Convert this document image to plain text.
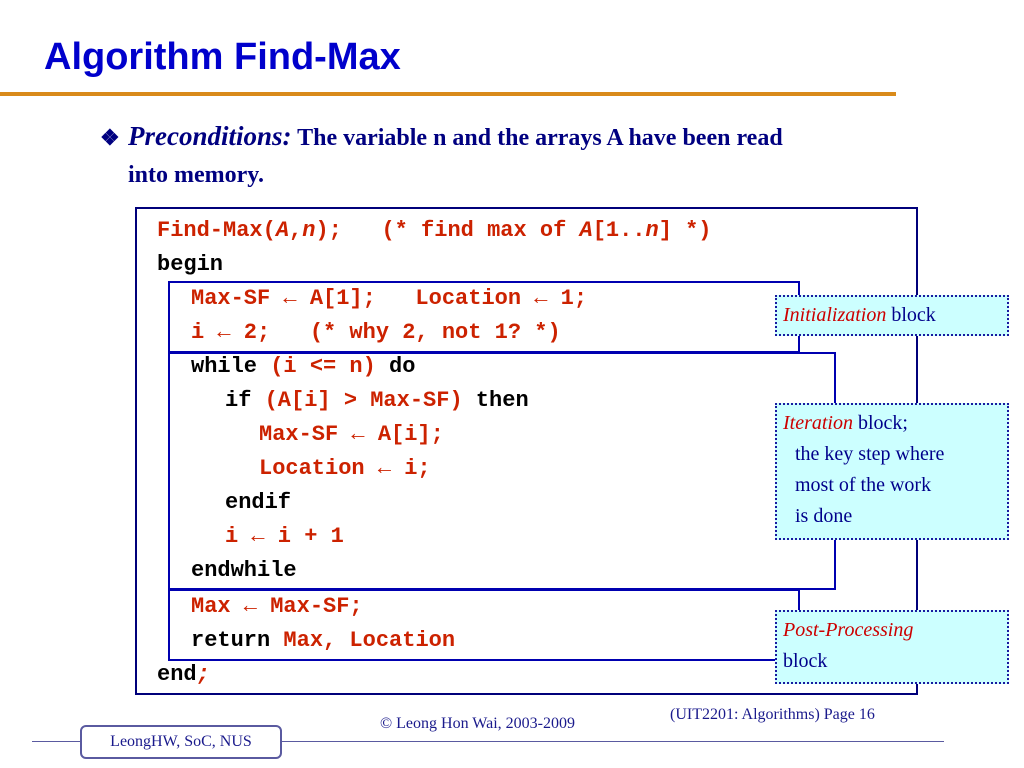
Algorithm Find-Max
❖ Preconditions: The variable n and the arrays A have been read
into memory.
Find-Max(A,n);   (* find max of A[1..n] *)
begin
Max-SF ← A[1];   Location ← 1;
i ← 2;   (* why 2, not 1? *)
while (i <= n) do
if (A[i] > Max-SF) then
Max-SF ← A[i];
Location ← i;
endif
i ← i + 1
endwhile
Max ← Max-SF;
return Max, Location
end;
Initialization block
Iteration block;
the key step where
most of the work
is done
Post-Processing
block
LeongHW, SoC, NUS
© Leong Hon Wai, 2003-2009
(UIT2201: Algorithms) Page 16
